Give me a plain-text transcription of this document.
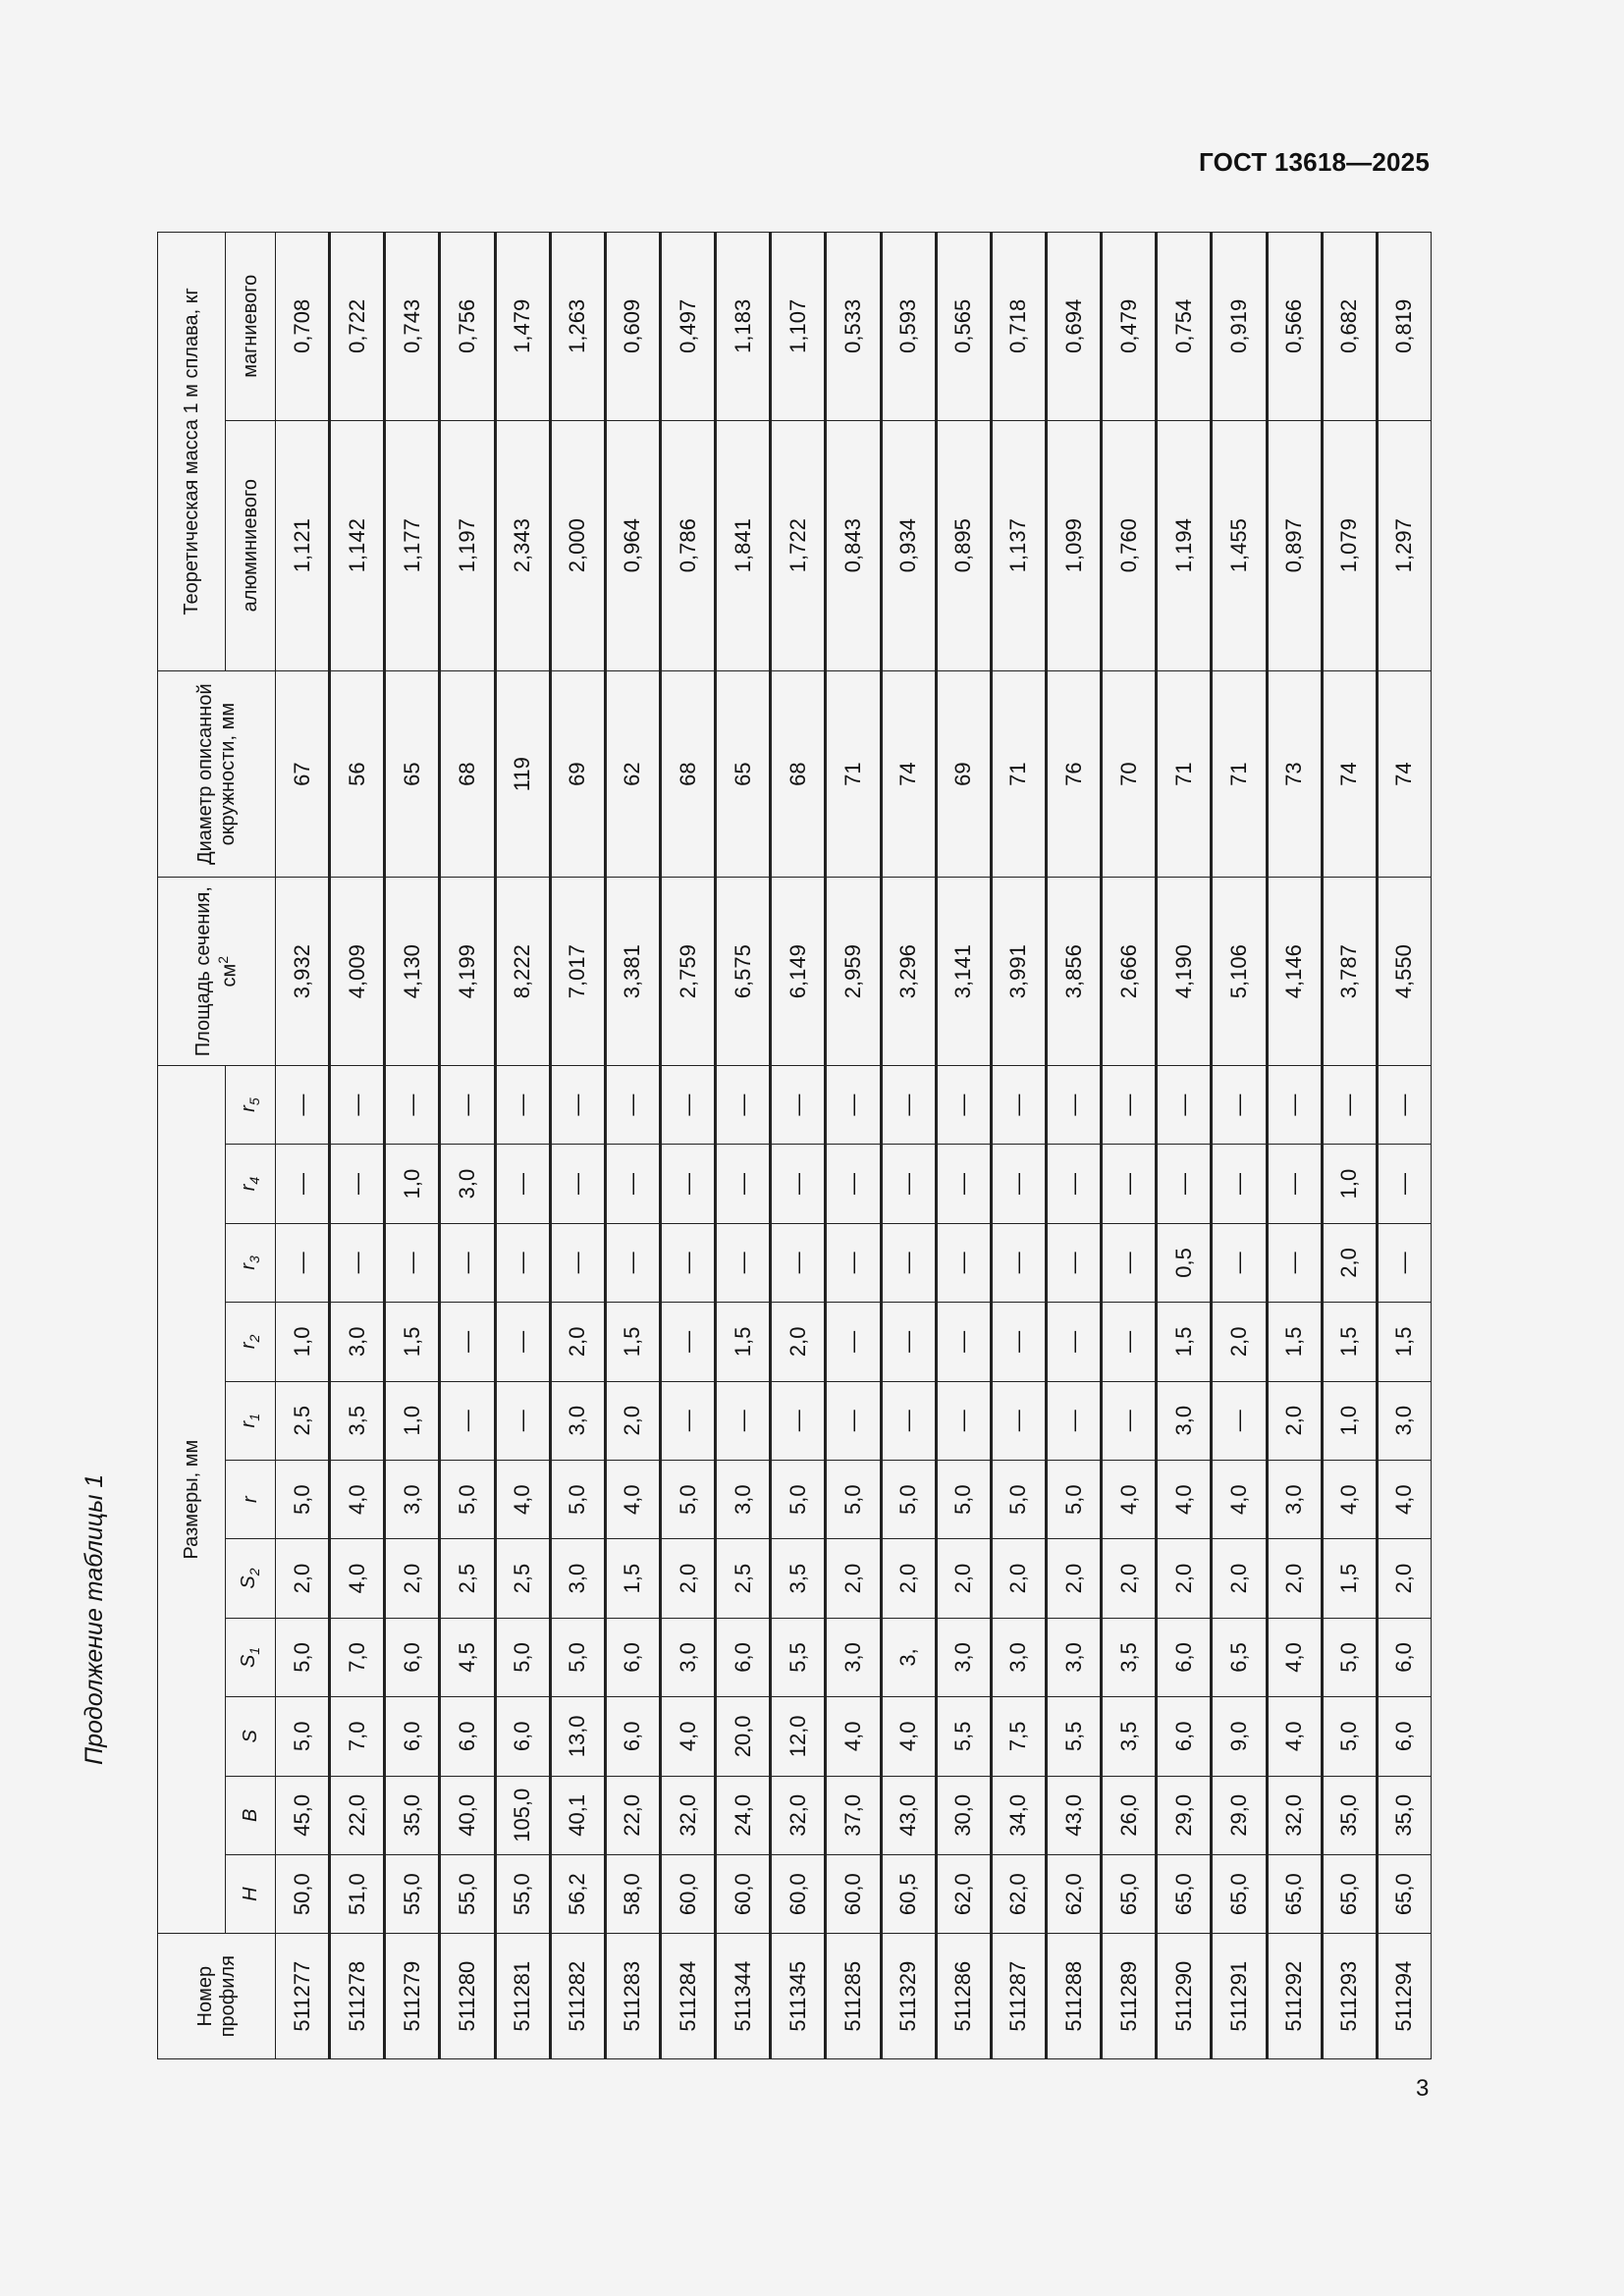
ГОСТ 13618—2025
Продолжение таблицы 1
Номер профиля	Размеры, мм											Площадь сечения, $см^2$	Диаметр описанной окружности, мм	Теоретическая масса 1 м сплава, кг	
	H	B	S	$S_1$	$S_2$	r	$r_1$	$r_2$	$r_3$	$r_4$	$r_5$			алюминиевого	магниевого
511277	50,0	45,0	5,0	5,0	2,0	5,0	2,5	1,0	—	—	—	3,932	67	1,121	0,708
511278	51,0	22,0	7,0	7,0	4,0	4,0	3,5	3,0	—	—	—	4,009	56	1,142	0,722
511279	55,0	35,0	6,0	6,0	2,0	3,0	1,0	1,5	—	1,0	—	4,130	65	1,177	0,743
511280	55,0	40,0	6,0	4,5	2,5	5,0	—	—	—	3,0	—	4,199	68	1,197	0,756
511281	55,0	105,0	6,0	5,0	2,5	4,0	—	—	—	—	—	8,222	119	2,343	1,479
511282	56,2	40,1	13,0	5,0	3,0	5,0	3,0	2,0	—	—	—	7,017	69	2,000	1,263
511283	58,0	22,0	6,0	6,0	1,5	4,0	2,0	1,5	—	—	—	3,381	62	0,964	0,609
511284	60,0	32,0	4,0	3,0	2,0	5,0	—	—	—	—	—	2,759	68	0,786	0,497
511344	60,0	24,0	20,0	6,0	2,5	3,0	—	1,5	—	—	—	6,575	65	1,841	1,183
511345	60,0	32,0	12,0	5,5	3,5	5,0	—	2,0	—	—	—	6,149	68	1,722	1,107
511285	60,0	37,0	4,0	3,0	2,0	5,0	—	—	—	—	—	2,959	71	0,843	0,533
511329	60,5	43,0	4,0	3,	2,0	5,0	—	—	—	—	—	3,296	74	0,934	0,593
511286	62,0	30,0	5,5	3,0	2,0	5,0	—	—	—	—	—	3,141	69	0,895	0,565
511287	62,0	34,0	7,5	3,0	2,0	5,0	—	—	—	—	—	3,991	71	1,137	0,718
511288	62,0	43,0	5,5	3,0	2,0	5,0	—	—	—	—	—	3,856	76	1,099	0,694
511289	65,0	26,0	3,5	3,5	2,0	4,0	—	—	—	—	—	2,666	70	0,760	0,479
511290	65,0	29,0	6,0	6,0	2,0	4,0	3,0	1,5	0,5	—	—	4,190	71	1,194	0,754
511291	65,0	29,0	9,0	6,5	2,0	4,0	—	2,0	—	—	—	5,106	71	1,455	0,919
511292	65,0	32,0	4,0	4,0	2,0	3,0	2,0	1,5	—	—	—	4,146	73	0,897	0,566
511293	65,0	35,0	5,0	5,0	1,5	4,0	1,0	1,5	2,0	1,0	—	3,787	74	1,079	0,682
511294	65,0	35,0	6,0	6,0	2,0	4,0	3,0	1,5	—	—	—	4,550	74	1,297	0,819
3
